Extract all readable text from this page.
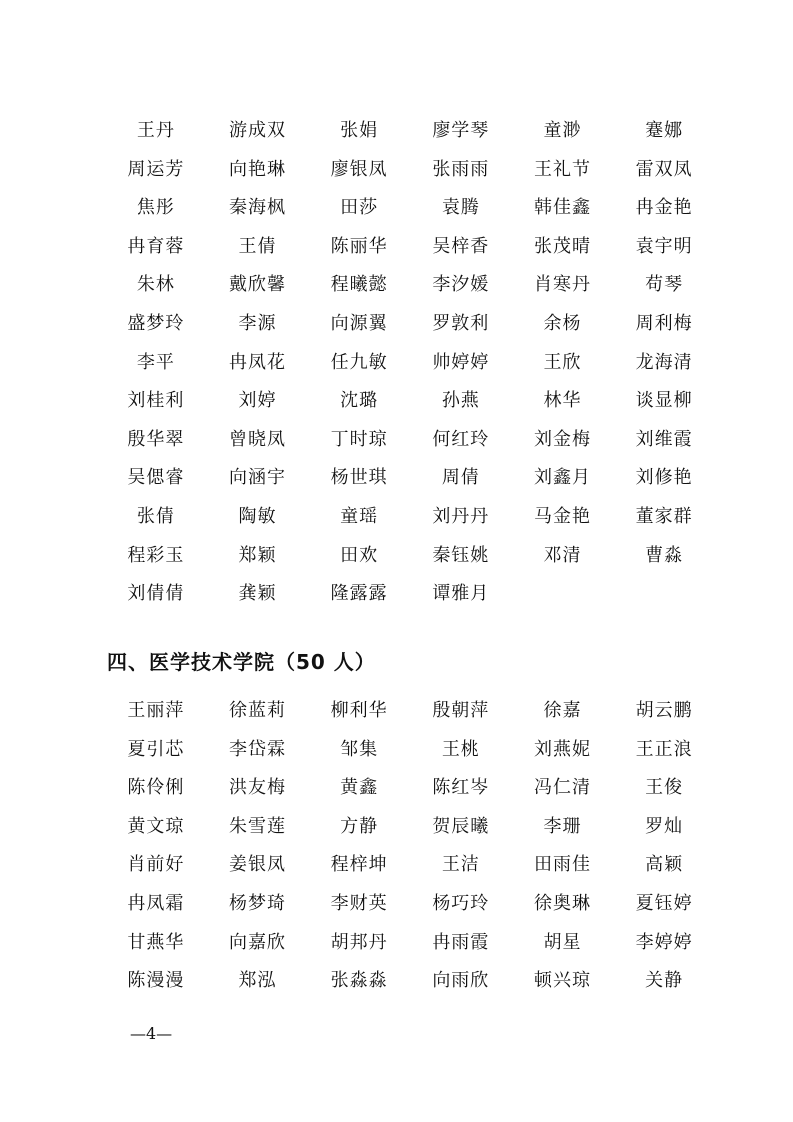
王丹	游成双	张娟	廖学琴	童渺	蹇娜
周运芳	向艳琳	廖银凤	张雨雨	王礼节	雷双凤
焦彤	秦海枫	田莎	袁腾	韩佳鑫	冉金艳
冉育蓉	王倩	陈丽华	吴梓香	张茂晴	袁宇明
朱林	戴欣馨	程曦懿	李汐媛	肖寒丹	苟琴
盛梦玲	李源	向源翼	罗敦利	余杨	周利梅
李平	冉凤花	任九敏	帅婷婷	王欣	龙海清
刘桂利	刘婷	沈璐	孙燕	林华	谈显柳
殷华翠	曾晓凤	丁时琼	何红玲	刘金梅	刘维霞
吴偲睿	向涵宇	杨世琪	周倩	刘鑫月	刘修艳
张倩	陶敏	童瑶	刘丹丹	马金艳	董家群
程彩玉	郑颖	田欢	秦钰姚	邓清	曹淼
刘倩倩	龚颖	隆露露	谭雅月
四、医学技术学院（50 人）
王丽萍	徐蓝莉	柳利华	殷朝萍	徐嘉	胡云鹏
夏引芯	李岱霖	邹集	王桃	刘燕妮	王正浪
陈伶俐	洪友梅	黄鑫	陈红岑	冯仁清	王俊
黄文琼	朱雪莲	方静	贺辰曦	李珊	罗灿
肖前好	姜银凤	程梓坤	王洁	田雨佳	高颖
冉凤霜	杨梦琦	李财英	杨巧玲	徐奥琳	夏钰婷
甘燕华	向嘉欣	胡邦丹	冉雨霞	胡星	李婷婷
陈漫漫	郑泓	张淼淼	向雨欣	顿兴琼	关静
—4—
